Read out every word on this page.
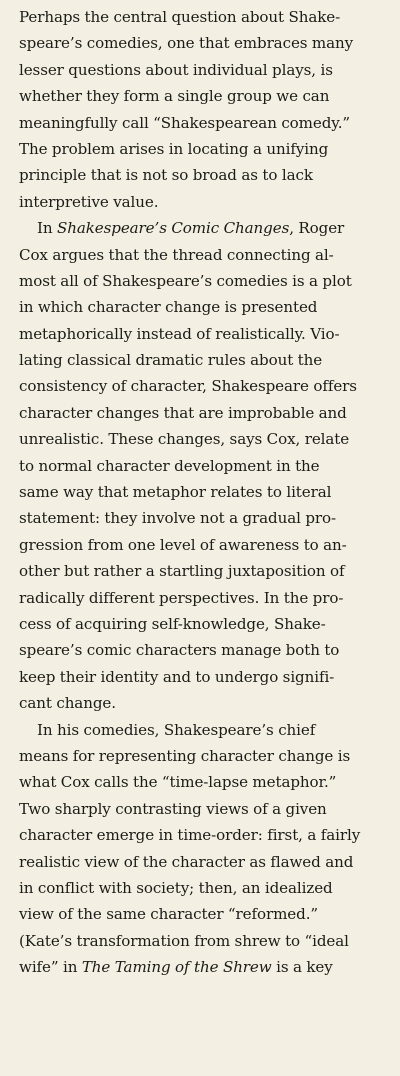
Perhaps the central question about Shake-
speare’s comedies, one that embraces many
lesser questions about individual plays, is
whether they form a single group we can
meaningfully call “Shakespearean comedy.”
The problem arises in locating a unifying
principle that is not so broad as to lack
interpretive value.
In Shakespeare’s Comic Changes, Roger
Cox argues that the thread connecting al-
most all of Shakespeare’s comedies is a plot
in which character change is presented
metaphorically instead of realistically. Vio-
lating classical dramatic rules about the
consistency of character, Shakespeare offers
character changes that are improbable and
unrealistic. These changes, says Cox, relate
to normal character development in the
same way that metaphor relates to literal
statement: they involve not a gradual pro-
gression from one level of awareness to an-
other but rather a startling juxtaposition of
radically different perspectives. In the pro-
cess of acquiring self-knowledge, Shake-
speare’s comic characters manage both to
keep their identity and to undergo signifi-
cant change.
In his comedies, Shakespeare’s chief
means for representing character change is
what Cox calls the “time-lapse metaphor.”
Two sharply contrasting views of a given
character emerge in time-order: first, a fairly
realistic view of the character as flawed and
in conflict with society; then, an idealized
view of the same character “reformed.”
(Kate’s transformation from shrew to “ideal
wife” in The Taming of the Shrew is a key
